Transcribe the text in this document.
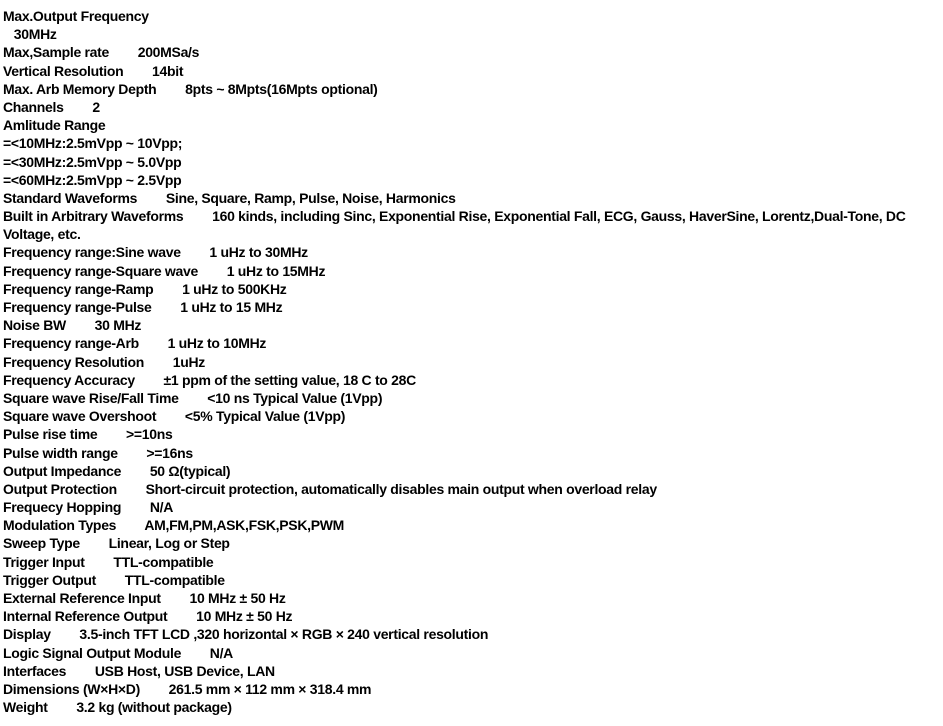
Max.Output Frequency
30MHz
Max,Sample rate        200MSa/s
Vertical Resolution        14bit
Max. Arb Memory Depth        8pts ~ 8Mpts(16Mpts optional)
Channels        2
Amlitude Range
=<10MHz:2.5mVpp ~ 10Vpp;
=<30MHz:2.5mVpp ~ 5.0Vpp
=<60MHz:2.5mVpp ~ 2.5Vpp
Standard Waveforms        Sine, Square, Ramp, Pulse, Noise, Harmonics
Built in Arbitrary Waveforms        160 kinds, including Sinc, Exponential Rise, Exponential Fall, ECG, Gauss, HaverSine, Lorentz,Dual-Tone, DC
Voltage, etc.
Frequency range:Sine wave        1 uHz to 30MHz
Frequency range-Square wave        1 uHz to 15MHz
Frequency range-Ramp        1 uHz to 500KHz
Frequency range-Pulse        1 uHz to 15 MHz
Noise BW        30 MHz
Frequency range-Arb        1 uHz to 10MHz
Frequency Resolution        1uHz
Frequency Accuracy        ±1 ppm of the setting value, 18 C to 28C
Square wave Rise/Fall Time        <10 ns Typical Value (1Vpp)
Square wave Overshoot        <5% Typical Value (1Vpp)
Pulse rise time        >=10ns
Pulse width range        >=16ns
Output Impedance        50 Ω(typical)
Output Protection        Short-circuit protection, automatically disables main output when overload relay
Frequecy Hopping        N/A
Modulation Types        AM,FM,PM,ASK,FSK,PSK,PWM
Sweep Type        Linear, Log or Step
Trigger Input        TTL-compatible
Trigger Output        TTL-compatible
External Reference Input        10 MHz ± 50 Hz
Internal Reference Output        10 MHz ± 50 Hz
Display        3.5-inch TFT LCD ,320 horizontal × RGB × 240 vertical resolution
Logic Signal Output Module        N/A
Interfaces        USB Host, USB Device, LAN
Dimensions (W×H×D)        261.5 mm × 112 mm × 318.4 mm
Weight        3.2 kg (without package)
